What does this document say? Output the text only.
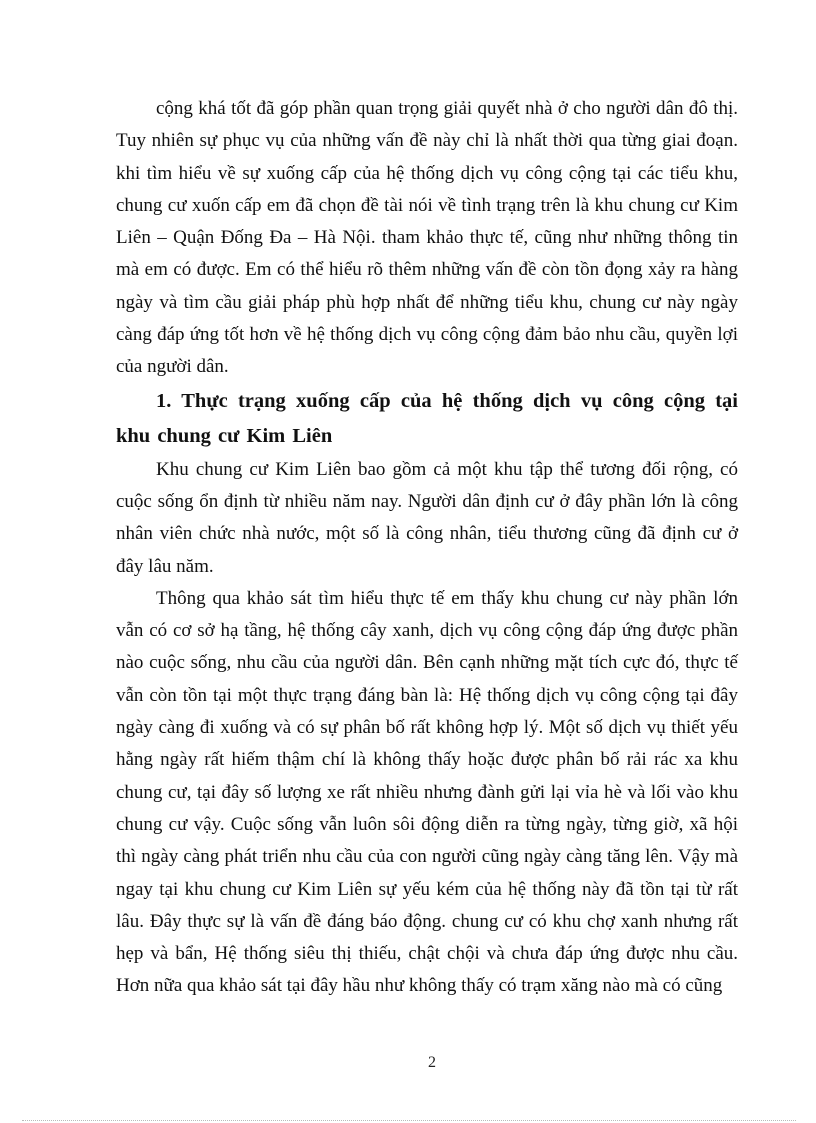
cộng khá tốt đã góp phần quan trọng giải quyết nhà ở cho người dân đô thị. Tuy nhiên sự phục vụ của những vấn đề này chỉ là nhất thời qua từng giai đoạn. khi tìm hiểu về sự xuống cấp của hệ thống dịch vụ công cộng tại các tiểu khu, chung cư xuốn cấp em đã chọn đề tài nói về tình trạng trên là khu chung cư Kim Liên – Quận Đống Đa – Hà Nội. tham khảo thực tế, cũng như những thông tin mà em có được. Em có thể hiểu rõ thêm những vấn đề còn tồn đọng xảy ra hàng ngày và tìm cầu giải pháp phù hợp nhất để những tiểu khu, chung cư này ngày càng đáp ứng tốt hơn về hệ thống dịch vụ công cộng đảm bảo nhu cầu, quyền lợi của người dân.

1. Thực trạng xuống cấp của hệ thống dịch vụ công cộng tại khu chung cư Kim Liên

Khu chung cư Kim Liên bao gồm cả một khu tập thể tương đối rộng, có cuộc sống ổn định từ nhiều năm nay. Người dân định cư ở đây phần lớn là công nhân viên chức nhà nước, một số là công nhân, tiểu thương cũng đã định cư ở đây lâu năm.

Thông qua khảo sát tìm hiểu thực tế em thấy khu chung cư này phần lớn vẫn có cơ sở hạ tầng, hệ thống cây xanh, dịch vụ công cộng đáp ứng được phần nào cuộc sống, nhu cầu của người dân. Bên cạnh những mặt tích cực đó, thực tế vẫn còn tồn tại một thực trạng đáng bàn là: Hệ thống dịch vụ công cộng tại đây ngày càng đi xuống và có sự phân bố rất không hợp lý. Một số dịch vụ thiết yếu hằng ngày rất hiếm thậm chí là không thấy hoặc được phân bố rải rác xa khu chung cư, tại đây số lượng xe rất nhiều nhưng đành gửi lại vỉa hè và lối vào khu chung cư vậy. Cuộc sống vẫn luôn sôi động diễn ra từng ngày, từng giờ, xã hội thì ngày càng phát triển nhu cầu của con người cũng ngày càng tăng lên. Vậy mà ngay tại khu chung cư Kim Liên sự yếu kém của hệ thống này đã tồn tại từ rất lâu. Đây thực sự là vấn đề đáng báo động. chung cư có khu chợ xanh nhưng rất hẹp và bẩn, Hệ thống siêu thị thiếu, chật chội và chưa đáp ứng được nhu cầu. Hơn nữa qua khảo sát tại đây hầu như không thấy có trạm xăng nào mà có cũng

2
